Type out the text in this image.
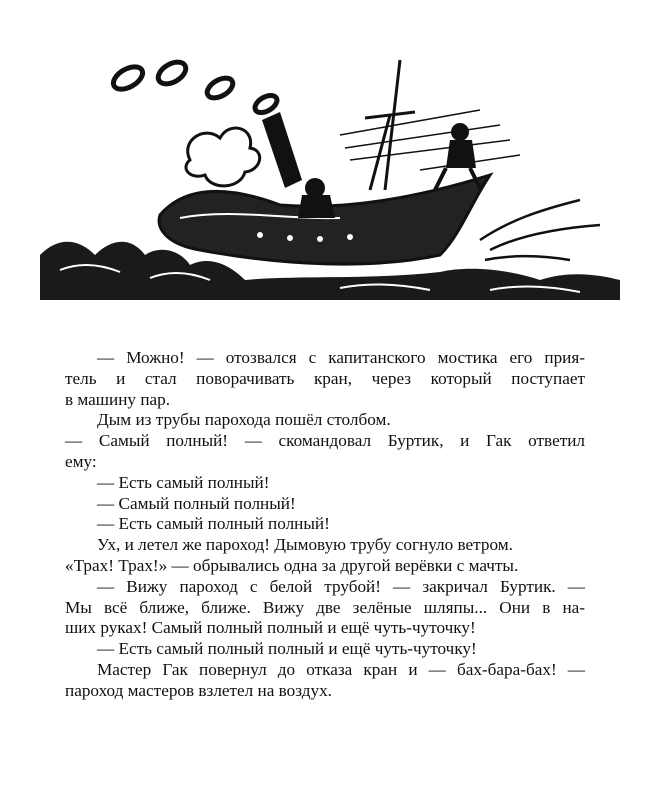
— Можно! — отозвался с капитанского мостика его прия-
тель и стал поворачивать кран, через который поступает
в машину пар.
Дым из трубы парохода пошёл столбом.
— Самый полный! — скомандовал Буртик, и Гак ответил
ему:
— Есть самый полный!
— Самый полный полный!
— Есть самый полный полный!
Ух, и летел же пароход! Дымовую трубу согнуло ветром.
«Трах! Трах!» — обрывались одна за другой верёвки с мачты.
— Вижу пароход с белой трубой! — закричал Буртик. —
Мы всё ближе, ближе. Вижу две зелёные шляпы... Они в на-
ших руках! Самый полный полный и ещё чуть-чуточку!
— Есть самый полный полный и ещё чуть-чуточку!
Мастер Гак повернул до отказа кран и — бах-бара-бах! —
пароход мастеров взлетел на воздух.
